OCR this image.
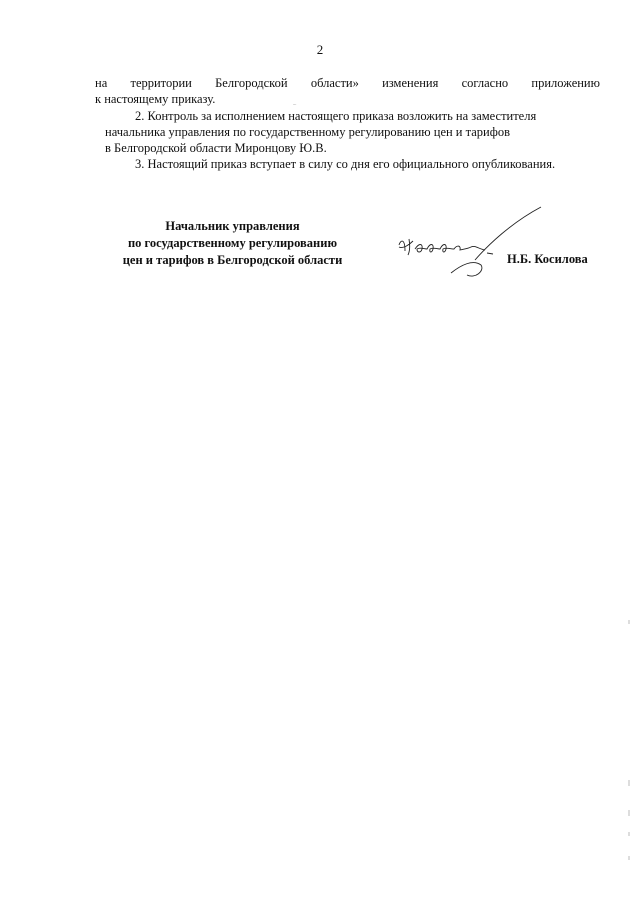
2
на территории Белгородской области» изменения согласно приложению
к настоящему приказу.
2. Контроль за исполнением настоящего приказа возложить на заместителя
начальника управления по государственному регулированию цен и тарифов
в Белгородской области Миронцову Ю.В.
3. Настоящий приказ вступает в силу со дня его официального опубликования.
Начальник управления
по государственному регулированию
цен и тарифов в Белгородской области
Нкосил
Н.Б. Косилова
